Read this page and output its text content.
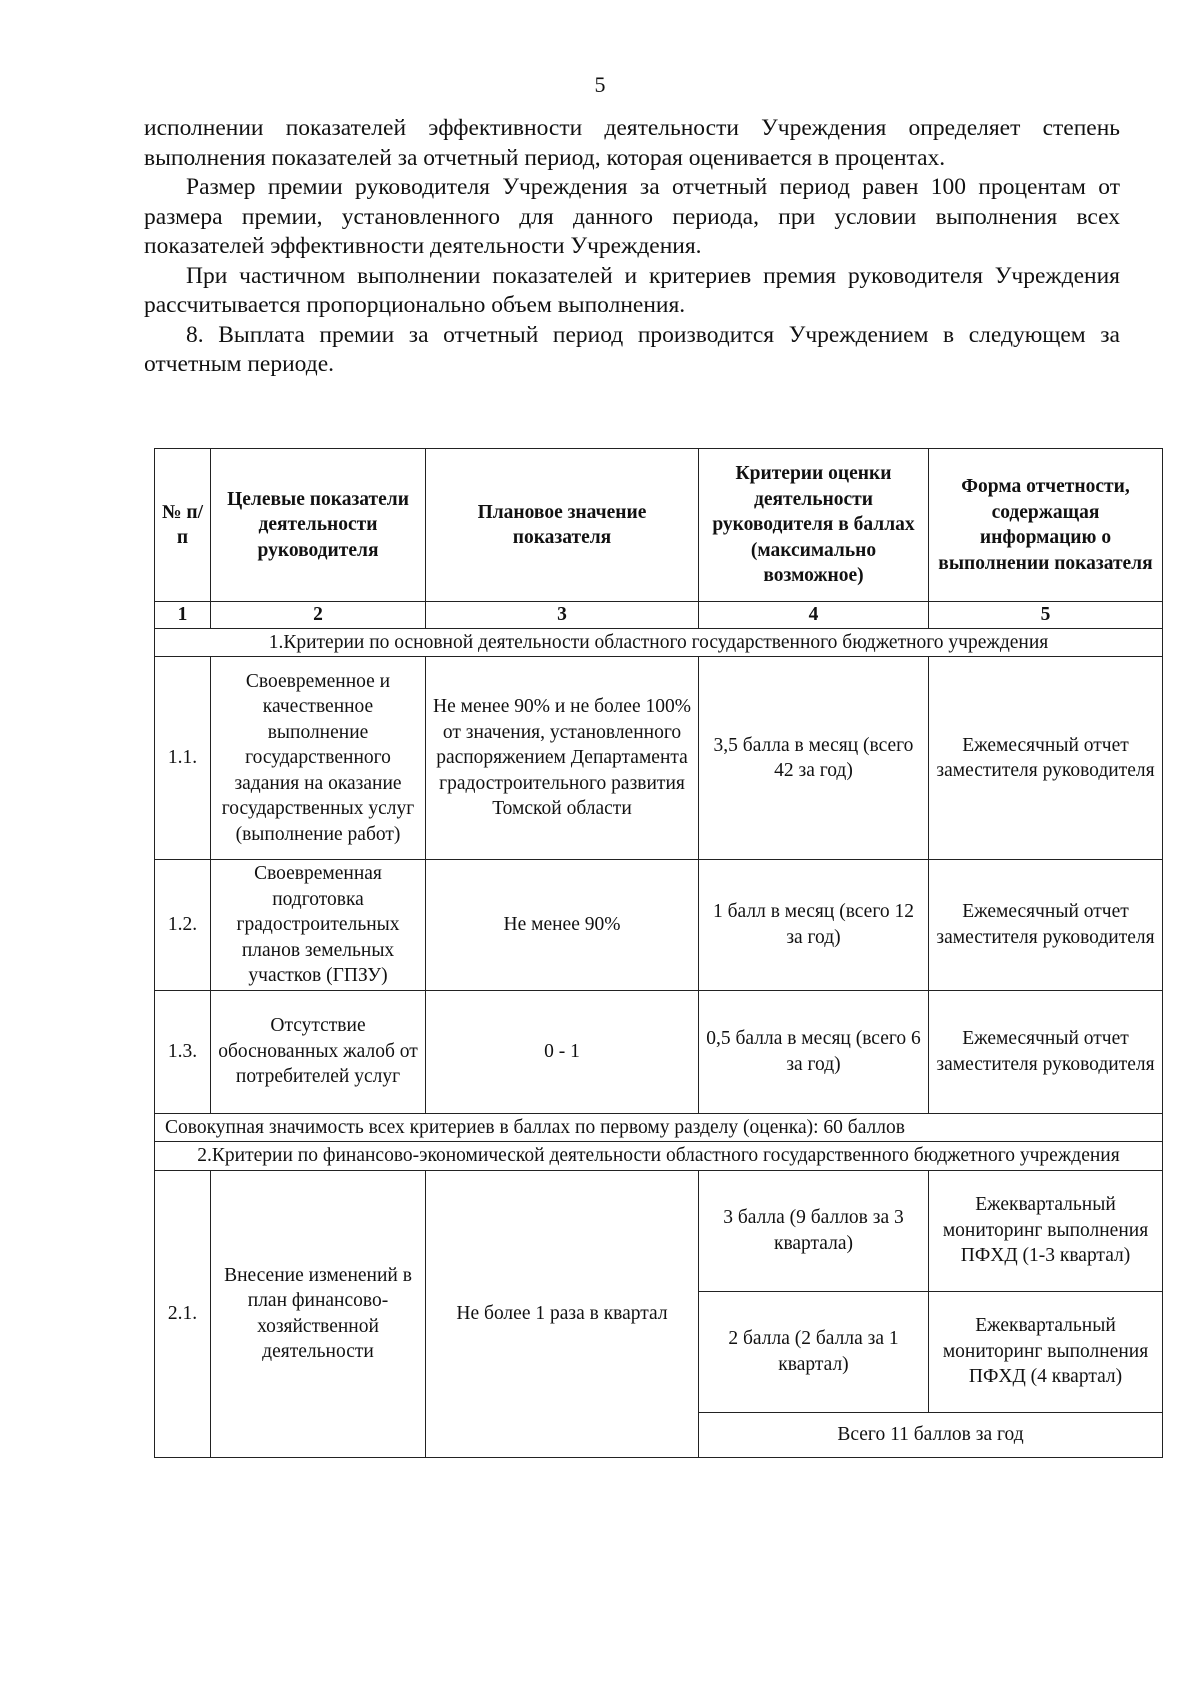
5

исполнении показателей эффективности деятельности Учреждения определяет степень выполнения показателей за отчетный период, которая оценивается в процентах.

Размер премии руководителя Учреждения за отчетный период равен 100 процентам от размера премии, установленного для данного периода, при условии выполнения всех показателей эффективности деятельности Учреждения.

При частичном выполнении показателей и критериев премия руководителя Учреждения рассчитывается пропорционально объем выполнения.

8. Выплата премии за отчетный период производится Учреждением в следующем за отчетным периоде.

№ п/п	Целевые показатели деятельности руководителя	Плановое значение показателя	Критерии оценки деятельности руководителя в баллах (максимально возможное)	Форма отчетности, содержащая информацию о выполнении показателя
1	2	3	4	5
1.Критерии по основной деятельности областного государственного бюджетного учреждения				
1.1.	Своевременное и качественное выполнение государственного задания на оказание государственных услуг (выполнение работ)	Не менее 90% и не более 100% от значения, установленного распоряжением Департамента градостроительного развития Томской области	3,5 балла в месяц (всего 42 за год)	Ежемесячный отчет заместителя руководителя
1.2.	Своевременная подготовка градостроительных планов земельных участков (ГПЗУ)	Не менее 90%	1 балл в месяц (всего 12 за год)	Ежемесячный отчет заместителя руководителя
1.3.	Отсутствие обоснованных жалоб от потребителей услуг	0 - 1	0,5 балла в месяц (всего 6 за год)	Ежемесячный отчет заместителя руководителя
Совокупная значимость всех критериев в баллах по первому разделу (оценка): 60 баллов				
2.Критерии по финансово-экономической деятельности областного государственного бюджетного учреждения				
2.1.	Внесение изменений в план финансово-хозяйственной деятельности	Не более 1 раза в квартал	3 балла (9 баллов за 3 квартала)	Ежеквартальный мониторинг выполнения ПФХД (1-3 квартал)
			2 балла (2 балла за 1 квартал)	Ежеквартальный мониторинг выполнения ПФХД (4 квартал)
			Всего 11 баллов за год	
